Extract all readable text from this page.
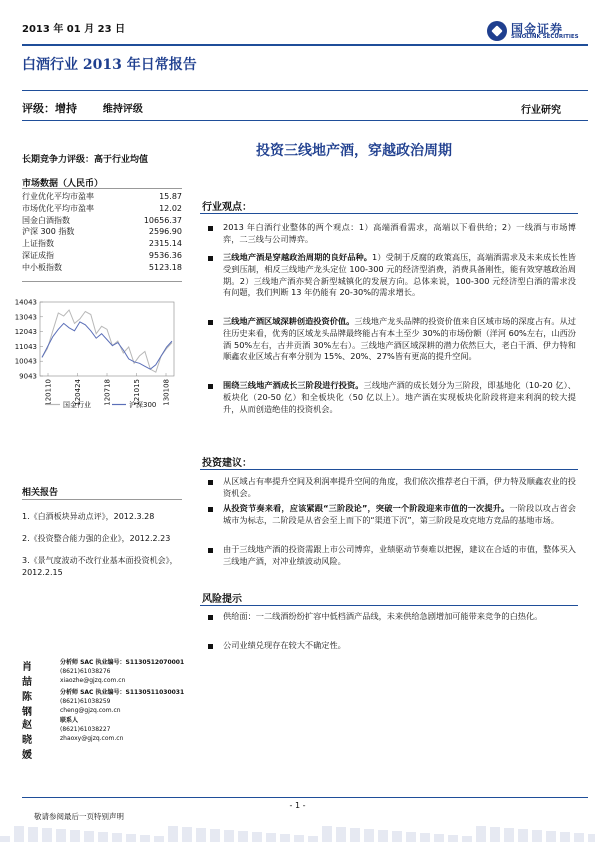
2013 年 01 月 23 日	国金证券
SINOLINK SECURITIES
白酒行业 2013 年日常报告
评级：增持	维持评级	行业研究
投资三线地产酒，穿越政治周期
长期竞争力评级：高于行业均值
市场数据（人民币）
行业优化平均市盈率	15.87
市场优化平均市盈率	12.02
国金白酒指数	10656.37
沪深 300 指数	2596.90
上证指数	2315.14
深证成指	9536.36
中小板指数	5123.18
14043
13043
12043
11043
10043
9043
120110	120424	120718	121015	130108
国金行业	沪深300
相关报告

1.《白酒板块异动点评》，2012.3.28

2.《投资整合能力强的企业》，2012.2.23

3.《景气度波动不改行业基本面投资机会》，2012.2.15

肖 喆
分析师 SAC 执业编号：S1130512070001
(8621)61038276
xiaozhe@gjzq.com.cn
陈 钢
分析师 SAC 执业编号：S1130511030031
(8621)61038259
cheng@gjzq.com.cn
赵晓媛
联系人
(8621)61038227
zhaoxy@gjzq.com.cn
行业观点：
2013 年白酒行业整体的两个观点：1）高端酒看需求，高端以下看供给；2）一线酒与市场博弈，二三线与公司博弈。
三线地产酒是穿越政治周期的良好品种。1）受制于反腐的政策高压，高端酒需求及未来成长性皆受到压制，相反三线地产龙头定位 100-300 元的经济型消费，消费具备刚性，能有效穿越政治周期。2）三线地产酒亦契合新型城镇化的发展方向。总体来说，100-300 元经济型白酒的需求没有问题，我们判断 13 年仍能有 20-30%的需求增长。
三线地产酒区域深耕创造投资价值。三线地产龙头品牌的投资价值来自区域市场的深度占有。从过往历史来看，优秀的区域龙头品牌最终能占有本土至少 30%的市场份额（洋河 60%左右，山西汾酒 50%左右，古井贡酒 30%左右）。三线地产酒区域深耕的潜力依然巨大，老白干酒、伊力特和顺鑫农业区域占有率分别为 15%、20%、27%皆有更高的提升空间。
围绕三线地产酒成长三阶段进行投资。三线地产酒的成长划分为三阶段，即基地化（10-20 亿）、板块化（20-50 亿）和全板块化（50 亿以上）。地产酒在实现板块化阶段将迎来利润的较大提升，从而创造绝佳的投资机会。
投资建议：
从区域占有率提升空间及利润率提升空间的角度，我们依次推荐老白干酒，伊力特及顺鑫农业的投资机会。
从投资节奏来看，应该紧跟“三阶段论”，突破一个阶段迎来市值的一次提升。一阶段以攻占省会城市为标志，二阶段是从省会至上而下的“渠道下沉”，第三阶段是攻克地方竞品的基地市场。
由于三线地产酒的投资需跟上市公司博弈，业绩驱动节奏难以把握，建议在合适的市值，整体买入三线地产酒，对冲业绩波动风险。
风险提示
供给面：一二线酒纷纷扩容中低档酒产品线，未来供给急剧增加可能带来竞争的白热化。
公司业绩兑现存在较大不确定性。
- 1 -
敬请参阅最后一页特别声明
